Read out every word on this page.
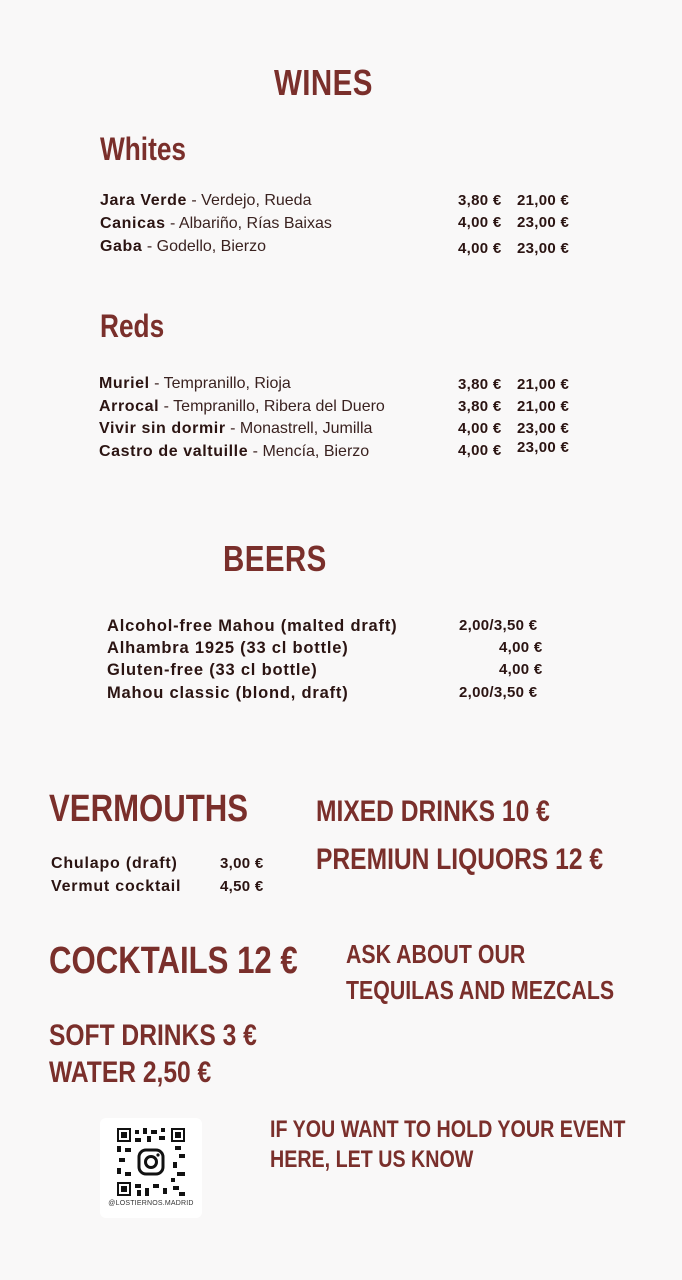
WINES
Whites
Jara Verde - Verdejo, Rueda	3,80 € 21,00 €
Canicas - Albariño, Rías Baixas	4,00 € 23,00 €
Gaba - Godello, Bierzo	4,00 € 23,00 €
Reds
Muriel - Tempranillo, Rioja	3,80 € 21,00 €
Arrocal - Tempranillo, Ribera del Duero	3,80 € 21,00 €
Vivir sin dormir - Monastrell, Jumilla	4,00 € 23,00 €
Castro de valtuille - Mencía, Bierzo	4,00 € 23,00 €
BEERS
Alcohol-free Mahou (malted draft)	2,00/3,50 €
Alhambra 1925 (33 cl bottle)	4,00 €
Gluten-free (33 cl bottle)	4,00 €
Mahou classic (blond, draft)	2,00/3,50 €
VERMOUTHS
Chulapo (draft)	3,00 €
Vermut cocktail	4,50 €
MIXED DRINKS 10 €
PREMIUN LIQUORS 12 €
COCKTAILS 12 € ASK ABOUT OUR
TEQUILAS AND MEZCALS
SOFT DRINKS 3 €
WATER 2,50 €
@LOSTIERNOS.MADRID
IF YOU WANT TO HOLD YOUR EVENT
HERE, LET US KNOW
